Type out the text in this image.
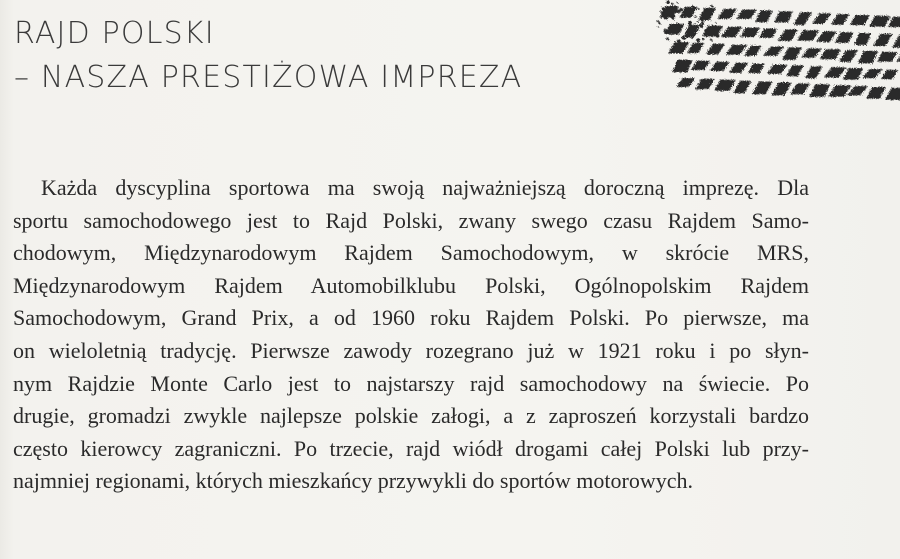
RAJD POLSKI
– NASZA PRESTIŻOWA IMPREZA

Każda dyscyplina sportowa ma swoją najważniejszą doroczną imprezę. Dla
sportu samochodowego jest to Rajd Polski, zwany swego czasu Rajdem Samo-
chodowym, Międzynarodowym Rajdem Samochodowym, w skrócie MRS,
Międzynarodowym Rajdem Automobilklubu Polski, Ogólnopolskim Rajdem
Samochodowym, Grand Prix, a od 1960 roku Rajdem Polski. Po pierwsze, ma
on wieloletnią tradycję. Pierwsze zawody rozegrano już w 1921 roku i po słyn-
nym Rajdzie Monte Carlo jest to najstarszy rajd samochodowy na świecie. Po
drugie, gromadzi zwykle najlepsze polskie załogi, a z zaproszeń korzystali bardzo
często kierowcy zagraniczni. Po trzecie, rajd wiódł drogami całej Polski lub przy-
najmniej regionami, których mieszkańcy przywykli do sportów motorowych.
